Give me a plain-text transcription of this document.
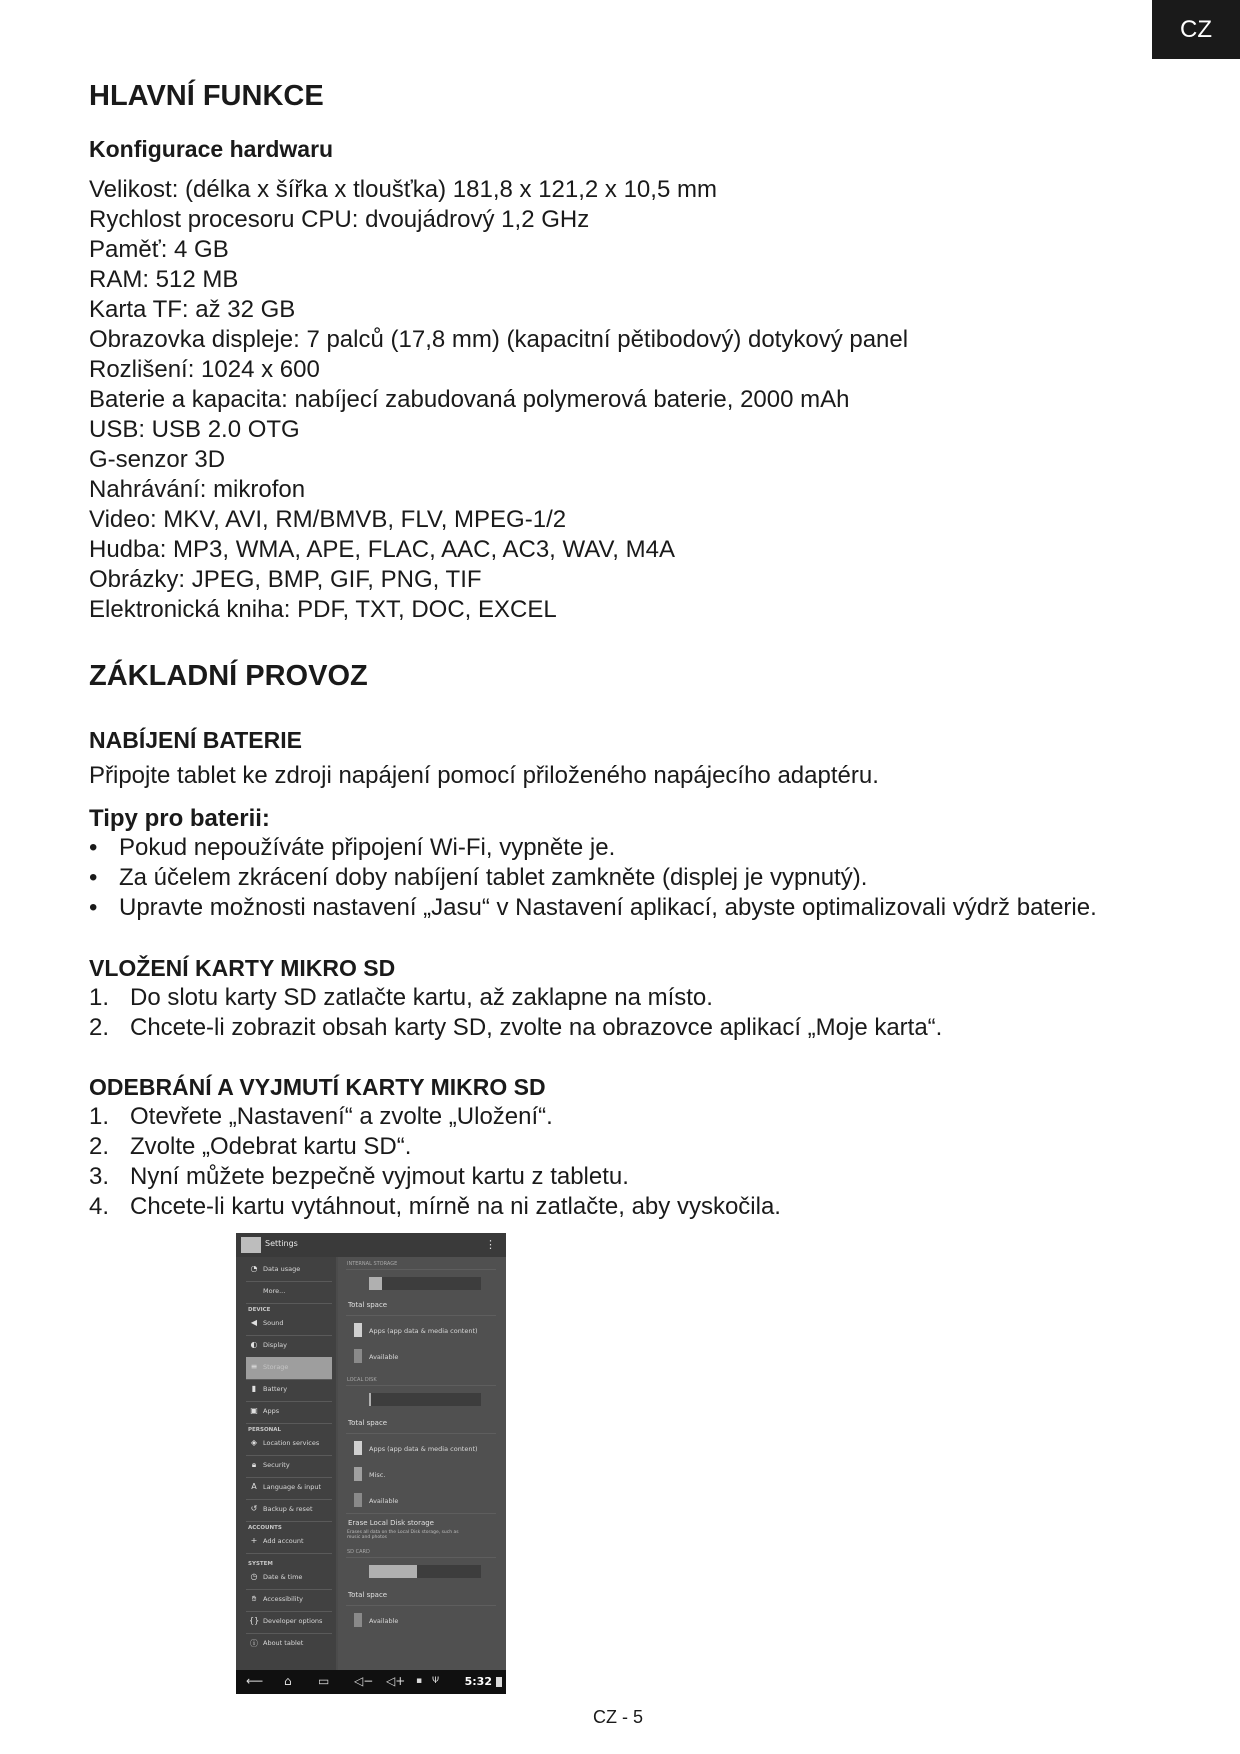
CZ
HLAVNÍ FUNKCE
Konfigurace hardwaru
Velikost: (délka x šířka x tloušťka) 181,8 x 121,2 x 10,5 mm
Rychlost procesoru CPU: dvoujádrový 1,2 GHz
Paměť: 4 GB
RAM: 512 MB
Karta TF: až 32 GB
Obrazovka displeje: 7 palců (17,8 mm) (kapacitní pětibodový) dotykový panel
Rozlišení: 1024 x 600
Baterie a kapacita: nabíjecí zabudovaná polymerová baterie, 2000 mAh
USB: USB 2.0 OTG
G-senzor 3D
Nahrávání: mikrofon
Video: MKV, AVI, RM/BMVB, FLV, MPEG-1/2
Hudba: MP3, WMA, APE, FLAC, AAC, AC3, WAV, M4A
Obrázky: JPEG, BMP, GIF, PNG, TIF
Elektronická kniha: PDF, TXT, DOC, EXCEL
ZÁKLADNÍ PROVOZ
NABÍJENÍ BATERIE

Připojte tablet ke zdroji napájení pomocí přiloženého napájecího adaptéru.

Tipy pro baterii:
• Pokud nepoužíváte připojení Wi-Fi, vypněte je.
• Za účelem zkrácení doby nabíjení tablet zamkněte (displej je vypnutý).
• Upravte možnosti nastavení „Jasu“ v Nastavení aplikací, abyste optimalizovali výdrž baterie.
VLOŽENÍ KARTY MIKRO SD
1. Do slotu karty SD zatlačte kartu, až zaklapne na místo.
2. Chcete-li zobrazit obsah karty SD, zvolte na obrazovce aplikací „Moje karta“.
ODEBRÁNÍ A VYJMUTÍ KARTY MIKRO SD
1. Otevřete „Nastavení“ a zvolte „Uložení“.
2. Zvolte „Odebrat kartu SD“.
3. Nyní můžete bezpečně vyjmout kartu z tabletu.
4. Chcete-li kartu vytáhnout, mírně na ni zatlačte, aby vyskočila.
Settings	⋮
◔ Data usage
More...
DEVICE
◀ Sound
◐ Display
≡ Storage
▮	Battery
▣ Apps
PERSONAL
◈ Location services
🔒︎	Security
A Language & input
↺ Backup & reset
ACCOUNTS
+ Add account
SYSTEM
◷ Date & time
✋︎	Accessibility
{} Developer options
ⓘ About tablet
INTERNAL STORAGE
Total space
Apps (app data & media content)
Available
LOCAL DISK
Total space
Apps (app data & media content)
Misc.
Available
Erase Local Disk storage
Erases all data on the Local Disk storage, such as music and photos
SD CARD
Total space
Available
⟵ ⌂ ▭ ◁− ◁+ ▪ Ψ 5:32
CZ - 5
